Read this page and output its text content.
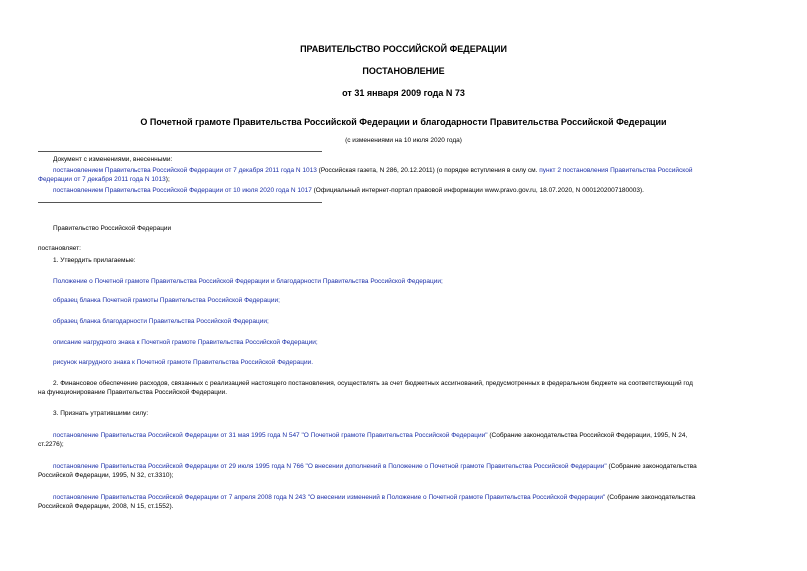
ПРАВИТЕЛЬСТВО РОССИЙСКОЙ ФЕДЕРАЦИИ
ПОСТАНОВЛЕНИЕ
от 31 января 2009 года N 73
О Почетной грамоте Правительства Российской Федерации и благодарности Правительства Российской Федерации
(с изменениями на 10 июля 2020 года)
Документ с изменениями, внесенными:
постановлением Правительства Российской Федерации от 7 декабря 2011 года N 1013 (Российская газета, N 286, 20.12.2011) (о порядке вступления в силу см. пункт 2 постановления Правительства Российской
Федерации от 7 декабря 2011 года N 1013);
постановлением Правительства Российской Федерации от 10 июля 2020 года N 1017 (Официальный интернет-портал правовой информации www.pravo.gov.ru, 18.07.2020, N 0001202007180003).
Правительство Российской Федерации
постановляет:
1. Утвердить прилагаемые:
Положение о Почетной грамоте Правительства Российской Федерации и благодарности Правительства Российской Федерации;
образец бланка Почетной грамоты Правительства Российской Федерации;
образец бланка благодарности Правительства Российской Федерации;
описание нагрудного знака к Почетной грамоте Правительства Российской Федерации;
рисунок нагрудного знака к Почетной грамоте Правительства Российской Федерации.
2. Финансовое обеспечение расходов, связанных с реализацией настоящего постановления, осуществлять за счет бюджетных ассигнований, предусмотренных в федеральном бюджете на соответствующий год
на функционирование Правительства Российской Федерации.
3. Признать утратившими силу:
постановление Правительства Российской Федерации от 31 мая 1995 года N 547 "О Почетной грамоте Правительства Российской Федерации" (Собрание законодательства Российской Федерации, 1995, N 24,
ст.2276);
постановление Правительства Российской Федерации от 29 июля 1995 года N 766 "О внесении дополнений в Положение о Почетной грамоте Правительства Российской Федерации" (Собрание законодательства
Российской Федерации, 1995, N 32, ст.3310);
постановление Правительства Российской Федерации от 7 апреля 2008 года N 243 "О внесении изменений в Положение о Почетной грамоте Правительства Российской Федерации" (Собрание законодательства
Российской Федерации, 2008, N 15, ст.1552).
